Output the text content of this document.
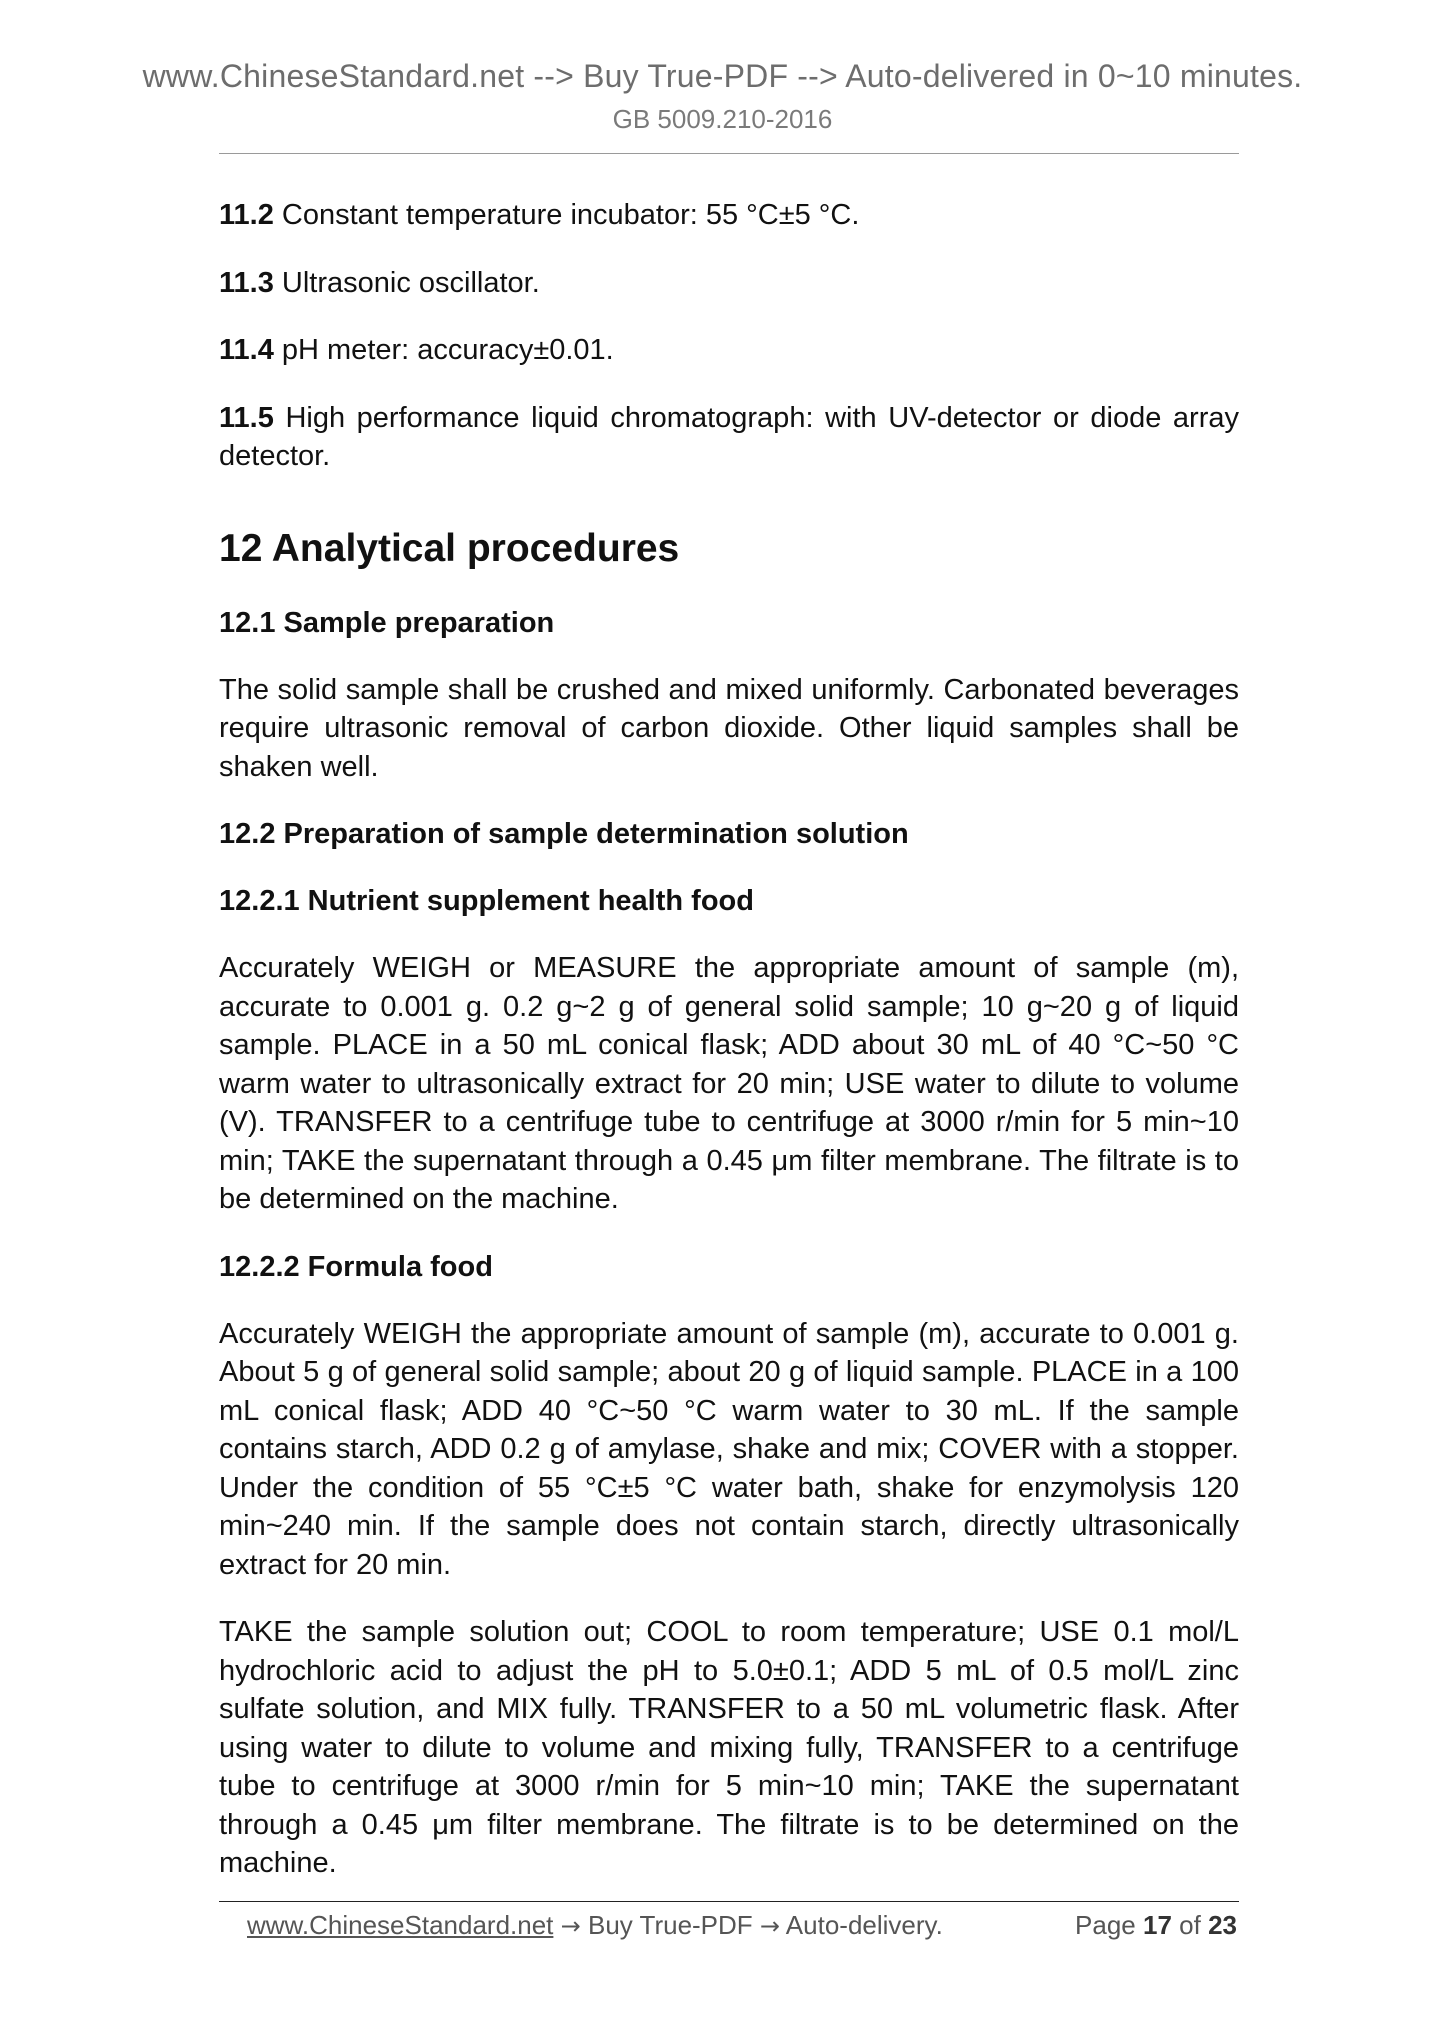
www.ChineseStandard.net --> Buy True-PDF --> Auto-delivered in 0~10 minutes.
GB 5009.210-2016

11.2 Constant temperature incubator: 55 °C±5 °C.

11.3 Ultrasonic oscillator.

11.4 pH meter: accuracy±0.01.

11.5 High performance liquid chromatograph: with UV-detector or diode array detector.

12 Analytical procedures
12.1 Sample preparation

The solid sample shall be crushed and mixed uniformly. Carbonated beverages require ultrasonic removal of carbon dioxide. Other liquid samples shall be shaken well.

12.2 Preparation of sample determination solution
12.2.1 Nutrient supplement health food

Accurately WEIGH or MEASURE the appropriate amount of sample (m), accurate to 0.001 g. 0.2 g~2 g of general solid sample; 10 g~20 g of liquid sample. PLACE in a 50 mL conical flask; ADD about 30 mL of 40 °C~50 °C warm water to ultrasonically extract for 20 min; USE water to dilute to volume (V). TRANSFER to a centrifuge tube to centrifuge at 3000 r/min for 5 min~10 min; TAKE the supernatant through a 0.45 μm filter membrane. The filtrate is to be determined on the machine.

12.2.2 Formula food

Accurately WEIGH the appropriate amount of sample (m), accurate to 0.001 g. About 5 g of general solid sample; about 20 g of liquid sample. PLACE in a 100 mL conical flask; ADD 40 °C~50 °C warm water to 30 mL. If the sample contains starch, ADD 0.2 g of amylase, shake and mix; COVER with a stopper. Under the condition of 55 °C±5 °C water bath, shake for enzymolysis 120 min~240 min. If the sample does not contain starch, directly ultrasonically extract for 20 min.

TAKE the sample solution out; COOL to room temperature; USE 0.1 mol/L hydrochloric acid to adjust the pH to 5.0±0.1; ADD 5 mL of 0.5 mol/L zinc sulfate solution, and MIX fully. TRANSFER to a 50 mL volumetric flask. After using water to dilute to volume and mixing fully, TRANSFER to a centrifuge tube to centrifuge at 3000 r/min for 5 min~10 min; TAKE the supernatant through a 0.45 μm filter membrane. The filtrate is to be determined on the machine.

www.ChineseStandard.net → Buy True-PDF → Auto-delivery.	Page 17 of 23
